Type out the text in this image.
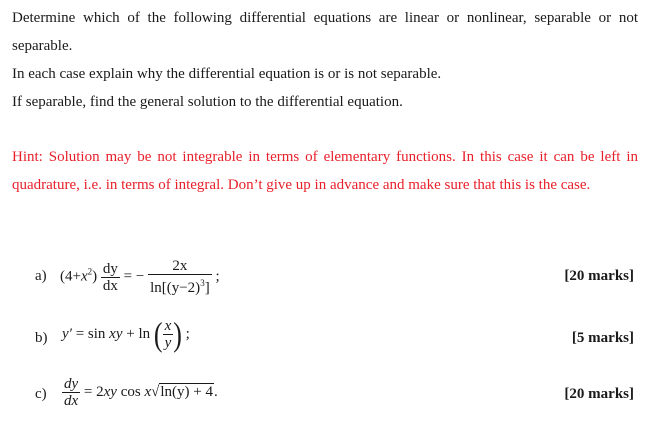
Determine which of the following differential equations are linear or nonlinear, separable or not separable.
In each case explain why the differential equation is or is not separable.
If separable, find the general solution to the differential equation.
Hint: Solution may be not integrable in terms of elementary functions. In this case it can be left in quadrature, i.e. in terms of integral. Don’t give up in advance and make sure that this is the case.
a) $(4+x^2) \frac{dy}{dx}$ = − $\frac{2x}{\ln[(y-2)^3]}$ ;	[20 marks]
b) y′ = sin xy + ln ( $\frac{x}{y}$ ) ;	[5 marks]
$c) \frac{dy}{dx} = 2xy$ cos x√ln(y) + 4.	[20 marks]
